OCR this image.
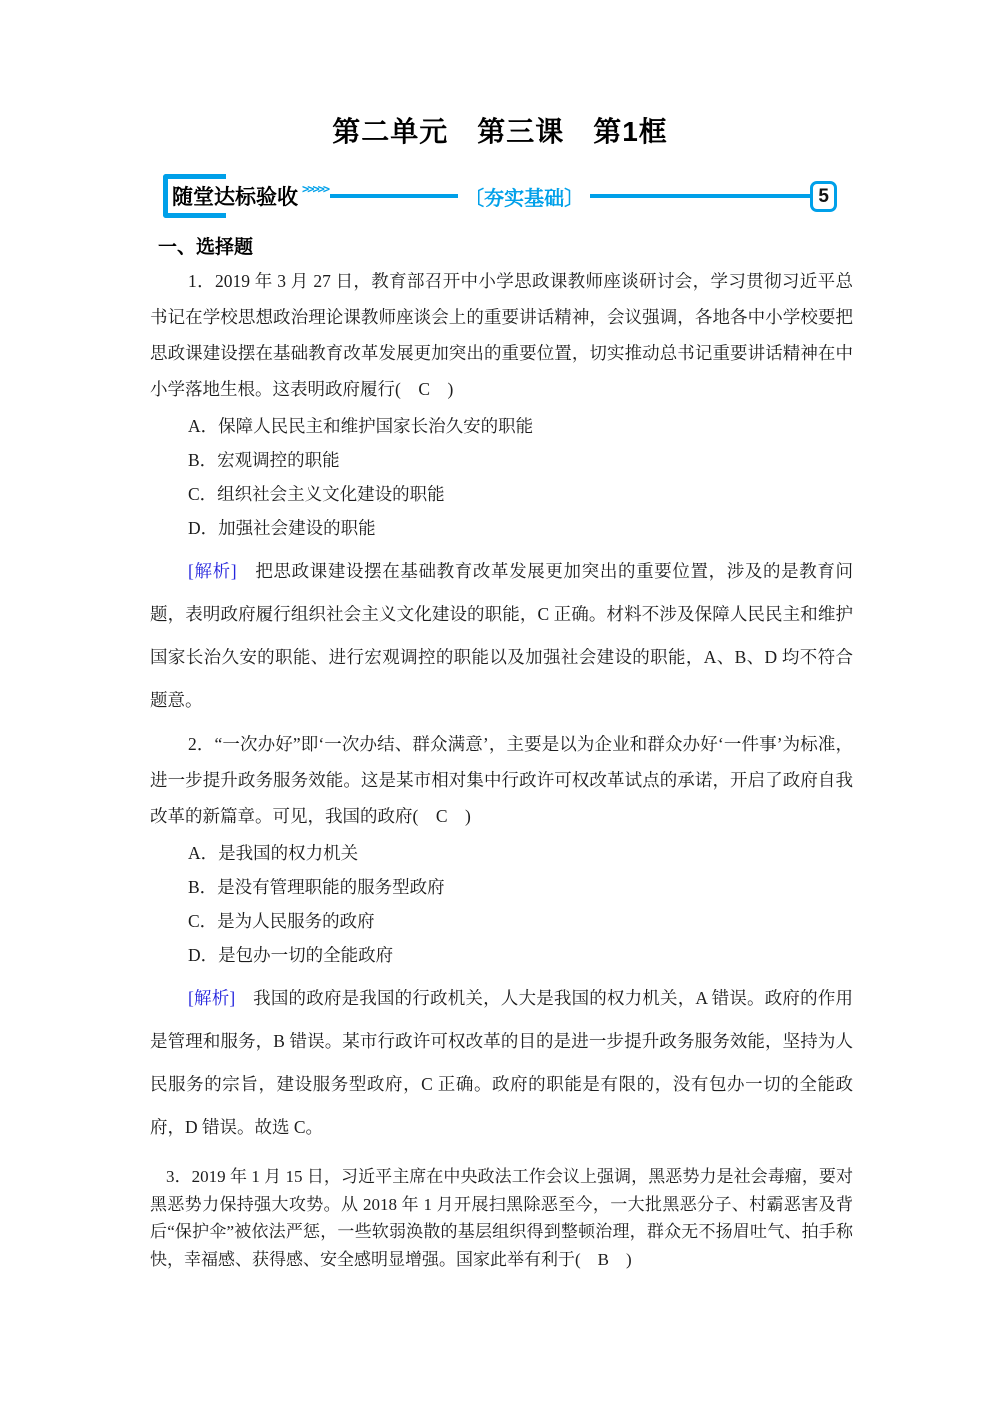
第二单元　第三课　第1框
随堂达标验收 >>>>>	〔夯实基础〕	5
一、选择题

1．2019 年 3 月 27 日，教育部召开中小学思政课教师座谈研讨会，学习贯彻习近平总书记在学校思想政治理论课教师座谈会上的重要讲话精神，会议强调，各地各中小学校要把思政课建设摆在基础教育改革发展更加突出的重要位置，切实推动总书记重要讲话精神在中小学落地生根。这表明政府履行(　C　)

A．保障人民民主和维护国家长治久安的职能
B．宏观调控的职能
C．组织社会主义文化建设的职能
D．加强社会建设的职能

[解析]　 把思政课建设摆在基础教育改革发展更加突出的重要位置，涉及的是教育问题，表明政府履行组织社会主义文化建设的职能，C 正确。材料不涉及保障人民民主和维护国家长治久安的职能、进行宏观调控的职能以及加强社会建设的职能，A、B、D 均不符合题意。

2．“一次办好”即‘一次办结、群众满意’，主要是以为企业和群众办好‘一件事’为标准，进一步提升政务服务效能。这是某市相对集中行政许可权改革试点的承诺，开启了政府自我改革的新篇章。可见，我国的政府(　C　)

A．是我国的权力机关
B．是没有管理职能的服务型政府
C．是为人民服务的政府
D．是包办一切的全能政府

[解析]　 我国的政府是我国的行政机关，人大是我国的权力机关，A 错误。政府的作用是管理和服务，B 错误。某市行政许可权改革的目的是进一步提升政务服务效能，坚持为人民服务的宗旨，建设服务型政府，C 正确。政府的职能是有限的，没有包办一切的全能政府，D 错误。故选 C。

3．2019 年 1 月 15 日，习近平主席在中央政法工作会议上强调，黑恶势力是社会毒瘤，要对黑恶势力保持强大攻势。从 2018 年 1 月开展扫黑除恶至今，一大批黑恶分子、村霸恶害及背后“保护伞”被依法严惩，一些软弱涣散的基层组织得到整顿治理，群众无不扬眉吐气、拍手称快，幸福感、获得感、安全感明显增强。国家此举有利于(　B　)
